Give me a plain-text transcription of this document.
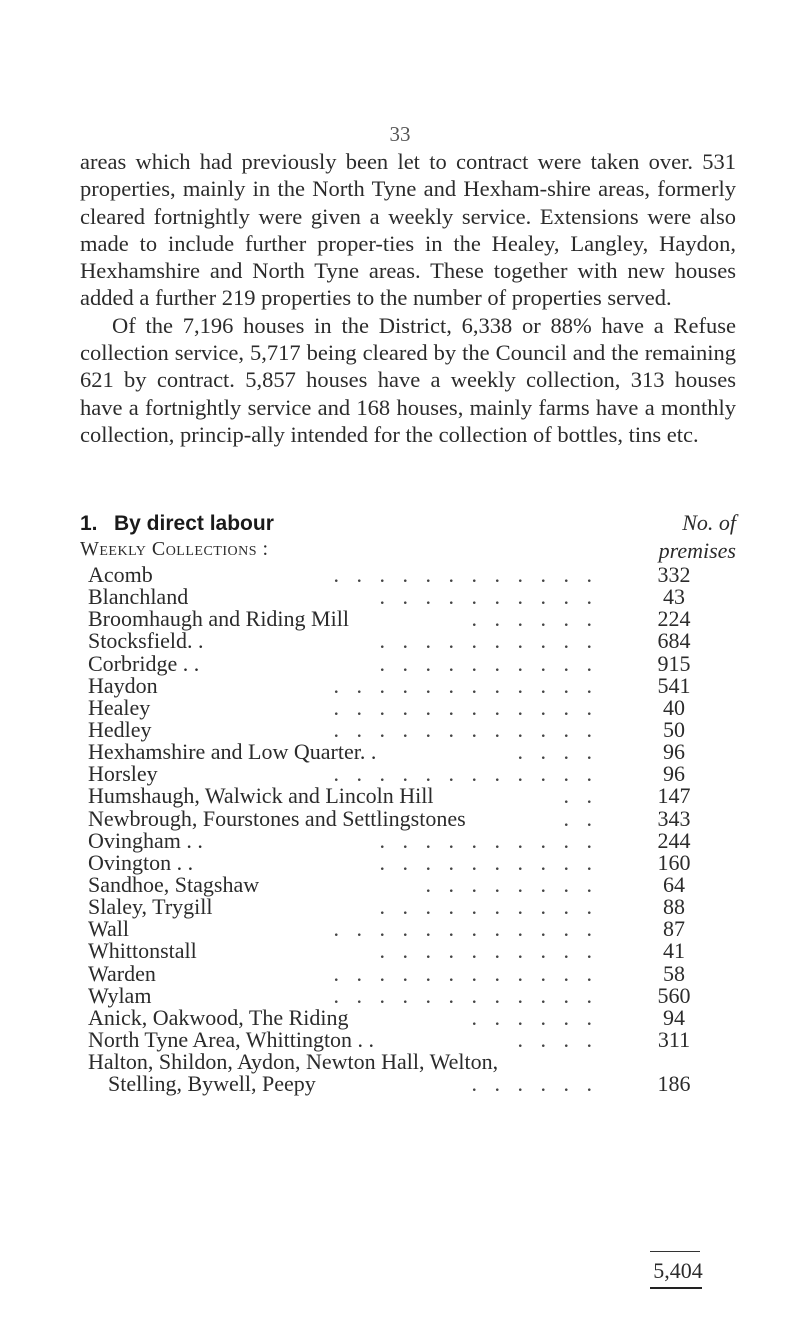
33

areas which had previously been let to contract were taken over. 531 properties, mainly in the North Tyne and Hexham-shire areas, formerly cleared fortnightly were given a weekly service. Extensions were also made to include further proper-ties in the Healey, Langley, Haydon, Hexhamshire and North Tyne areas. These together with new houses added a further 219 properties to the number of properties served.

Of the 7,196 houses in the District, 6,338 or 88% have a Refuse collection service, 5,717 being cleared by the Council and the remaining 621 by contract. 5,857 houses have a weekly collection, 313 houses have a fortnightly service and 168 houses, mainly farms have a monthly collection, princip-ally intended for the collection of bottles, tins etc.

1. By direct labour	No. of
Weekly Collections :	premises
Acomb	. . . . . . . . . . . .	332
Blanchland	. . . . . . . . . .	43
Broomhaugh and Riding Mill	. . . . . .	224
Stocksfield. .	. . . . . . . . . .	684
Corbridge . .	. . . . . . . . . .	915
Haydon	. . . . . . . . . . . .	541
Healey	. . . . . . . . . . . .	40
Hedley	. . . . . . . . . . . .	50
Hexhamshire and Low Quarter. .	. . . .	96
Horsley	. . . . . . . . . . . .	96
Humshaugh, Walwick and Lincoln Hill	. .	147
Newbrough, Fourstones and Settlingstones	. .	343
Ovingham . .	. . . . . . . . . .	244
Ovington . .	. . . . . . . . . .	160
Sandhoe, Stagshaw	. . . . . . . .	64
Slaley, Trygill	. . . . . . . . . .	88
Wall	. . . . . . . . . . . .	87
Whittonstall	. . . . . . . . . .	41
Warden	. . . . . . . . . . . .	58
Wylam	. . . . . . . . . . . .	560
Anick, Oakwood, The Riding	. . . . . .	94
North Tyne Area, Whittington . .	. . . .	311
Halton, Shildon, Aydon, Newton Hall, Welton,
Stelling, Bywell, Peepy	. . . . . .	186
5,404
